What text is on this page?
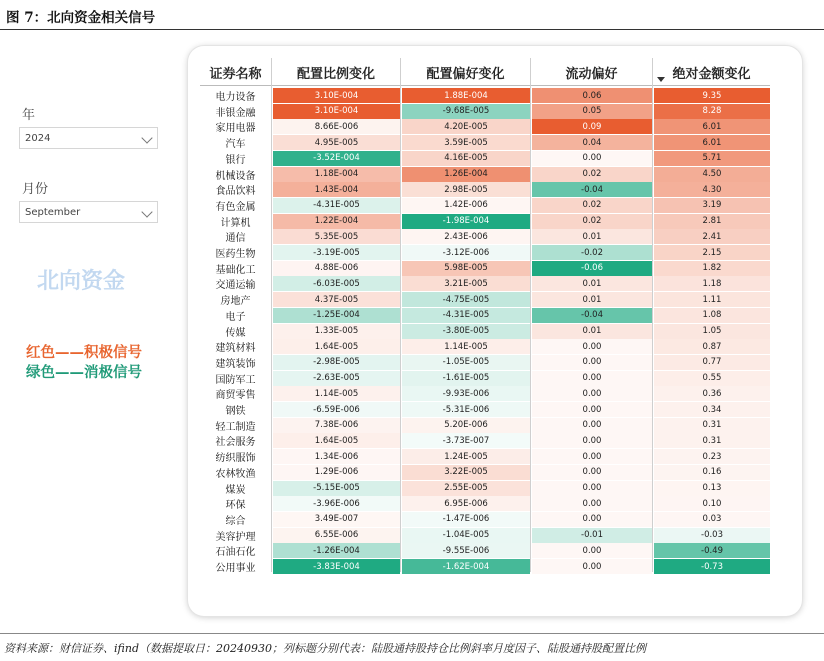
图 7：北向资金相关信号
年
2024
月份
September
北向资金
红色——积极信号
绿色——消极信号
证券名称	配置比例变化	配置偏好变化	流动偏好	绝对金额变化
电力设备	3.10E-004	1.88E-004	0.06	9.35
非银金融	3.10E-004	-9.68E-005	0.05	8.28
家用电器	8.66E-006	4.20E-005	0.09	6.01
汽车	4.95E-005	3.59E-005	0.04	6.01
银行	-3.52E-004	4.16E-005	0.00	5.71
机械设备	1.18E-004	1.26E-004	0.02	4.50
食品饮料	1.43E-004	2.98E-005	-0.04	4.30
有色金属	-4.31E-005	1.42E-006	0.02	3.19
计算机	1.22E-004	-1.98E-004	0.02	2.81
通信	5.35E-005	2.43E-006	0.01	2.41
医药生物	-3.19E-005	-3.12E-006	-0.02	2.15
基础化工	4.88E-006	5.98E-005	-0.06	1.82
交通运输	-6.03E-005	3.21E-005	0.01	1.18
房地产	4.37E-005	-4.75E-005	0.01	1.11
电子	-1.25E-004	-4.31E-005	-0.04	1.08
传媒	1.33E-005	-3.80E-005	0.01	1.05
建筑材料	1.64E-005	1.14E-005	0.00	0.87
建筑装饰	-2.98E-005	-1.05E-005	0.00	0.77
国防军工	-2.63E-005	-1.61E-005	0.00	0.55
商贸零售	1.14E-005	-9.93E-006	0.00	0.36
钢铁	-6.59E-006	-5.31E-006	0.00	0.34
轻工制造	7.38E-006	5.20E-006	0.00	0.31
社会服务	1.64E-005	-3.73E-007	0.00	0.31
纺织服饰	1.34E-006	1.24E-005	0.00	0.23
农林牧渔	1.29E-006	3.22E-005	0.00	0.16
煤炭	-5.15E-005	2.55E-005	0.00	0.13
环保	-3.96E-006	6.95E-006	0.00	0.10
综合	3.49E-007	-1.47E-006	0.00	0.03
美容护理	6.55E-006	-1.04E-005	-0.01	-0.03
石油石化	-1.26E-004	-9.55E-006	0.00	-0.49
公用事业	-3.83E-004	-1.62E-004	0.00	-0.73
资料来源：财信证券、ifind（数据提取日：20240930；列标题分别代表：陆股通持股持仓比例斜率月度因子、陆股通持股配置比例
